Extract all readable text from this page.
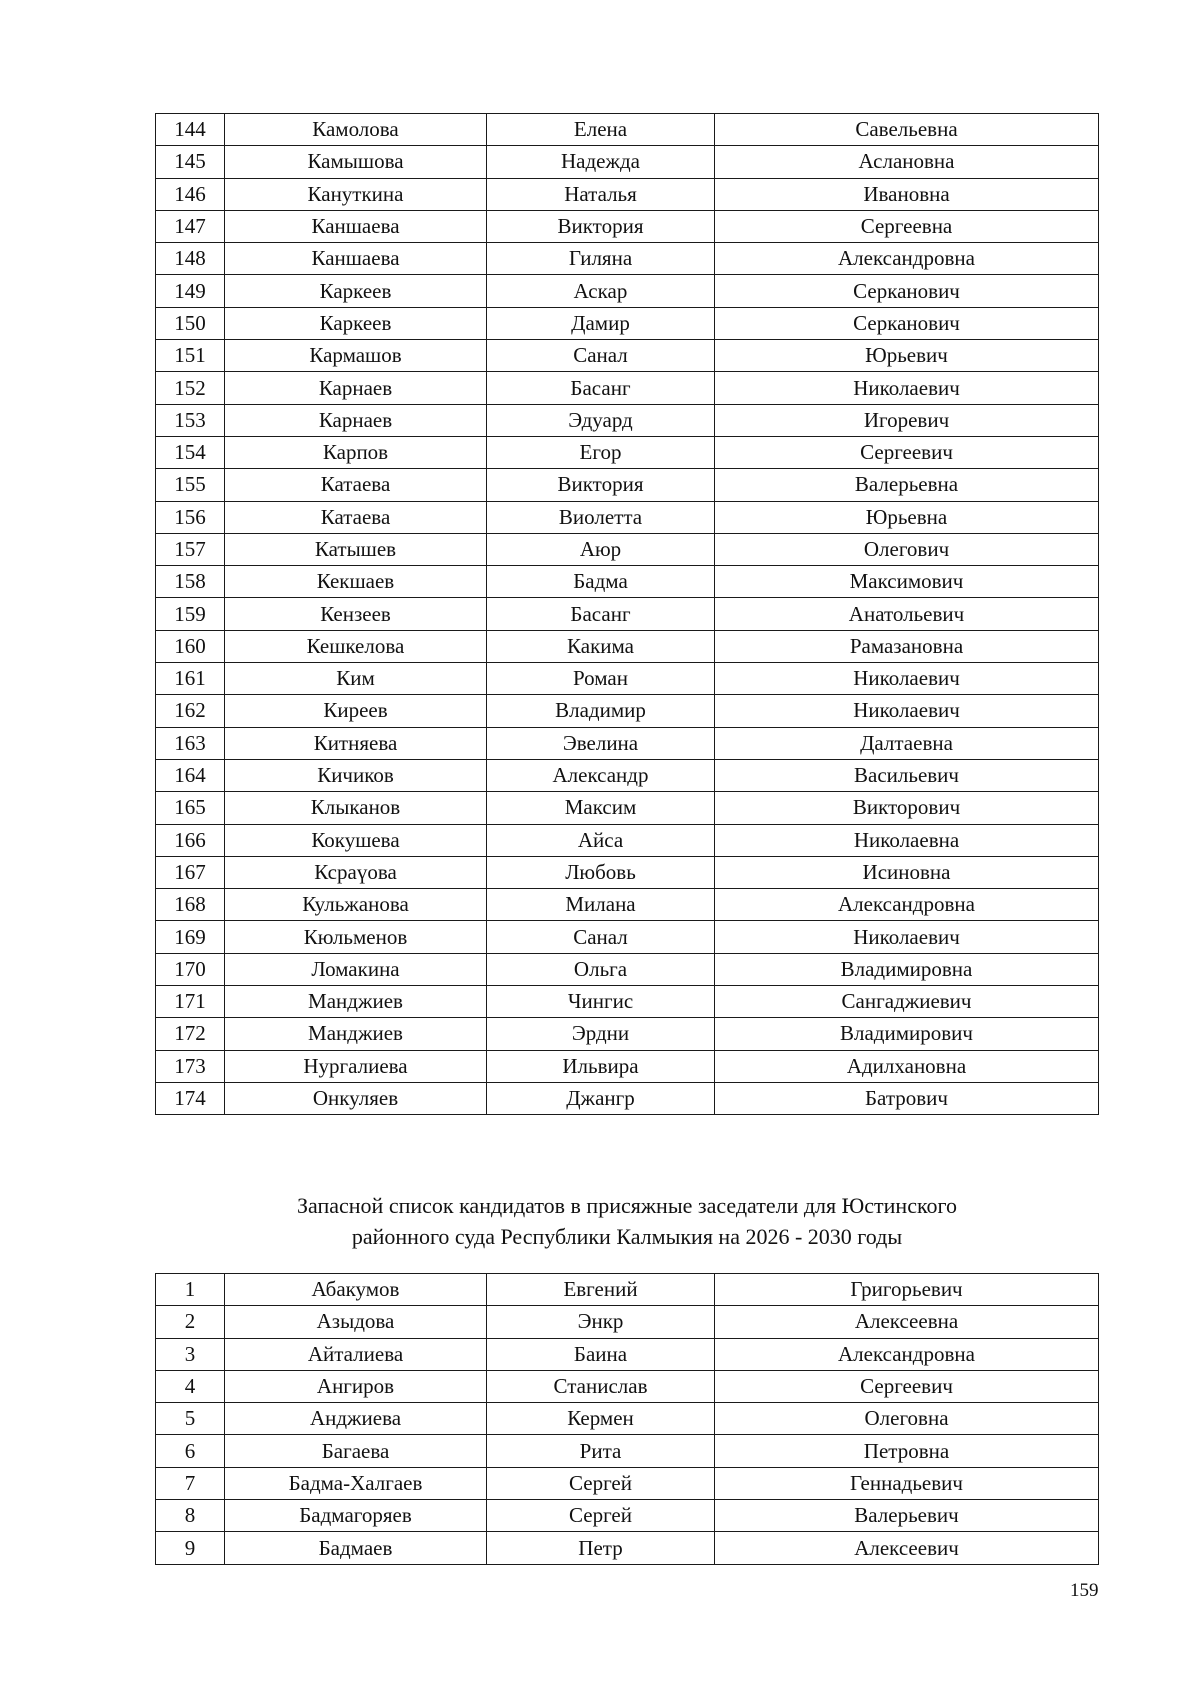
144	Камолова	Елена	Савельевна
145	Камышова	Надежда	Аслановна
146	Кануткина	Наталья	Ивановна
147	Каншаева	Виктория	Сергеевна
148	Каншаева	Гиляна	Александровна
149	Каркеев	Аскар	Серканович
150	Каркеев	Дамир	Серканович
151	Кармашов	Санал	Юрьевич
152	Карнаев	Басанг	Николаевич
153	Карнаев	Эдуард	Игоревич
154	Карпов	Егор	Сергеевич
155	Катаева	Виктория	Валерьевна
156	Катаева	Виолетта	Юрьевна
157	Катышев	Аюр	Олегович
158	Кекшаев	Бадма	Максимович
159	Кензеев	Басанг	Анатольевич
160	Кешкелова	Какима	Рамазановна
161	Ким	Роман	Николаевич
162	Киреев	Владимир	Николаевич
163	Китняева	Эвелина	Далтаевна
164	Кичиков	Александр	Васильевич
165	Клыканов	Максим	Викторович
166	Кокушева	Айса	Николаевна
167	Ксраүова	Любовь	Исиновна
168	Кульжанова	Милана	Александровна
169	Кюльменов	Санал	Николаевич
170	Ломакина	Ольга	Владимировна
171	Манджиев	Чингис	Сангаджиевич
172	Манджиев	Эрдни	Владимирович
173	Нургалиева	Ильвира	Адилхановна
174	Онкуляев	Джангр	Батрович
Запасной список кандидатов в присяжные заседатели для Юстинского
районного суда Республики Калмыкия на 2026 - 2030 годы
1	Абакумов	Евгений	Григорьевич
2	Азыдова	Энкр	Алексеевна
3	Айталиева	Баина	Александровна
4	Ангиров	Станислав	Сергеевич
5	Анджиева	Кермен	Олеговна
6	Багаева	Рита	Петровна
7	Бадма-Халгаев	Сергей	Геннадьевич
8	Бадмагоряев	Сергей	Валерьевич
9	Бадмаев	Петр	Алексеевич
159
